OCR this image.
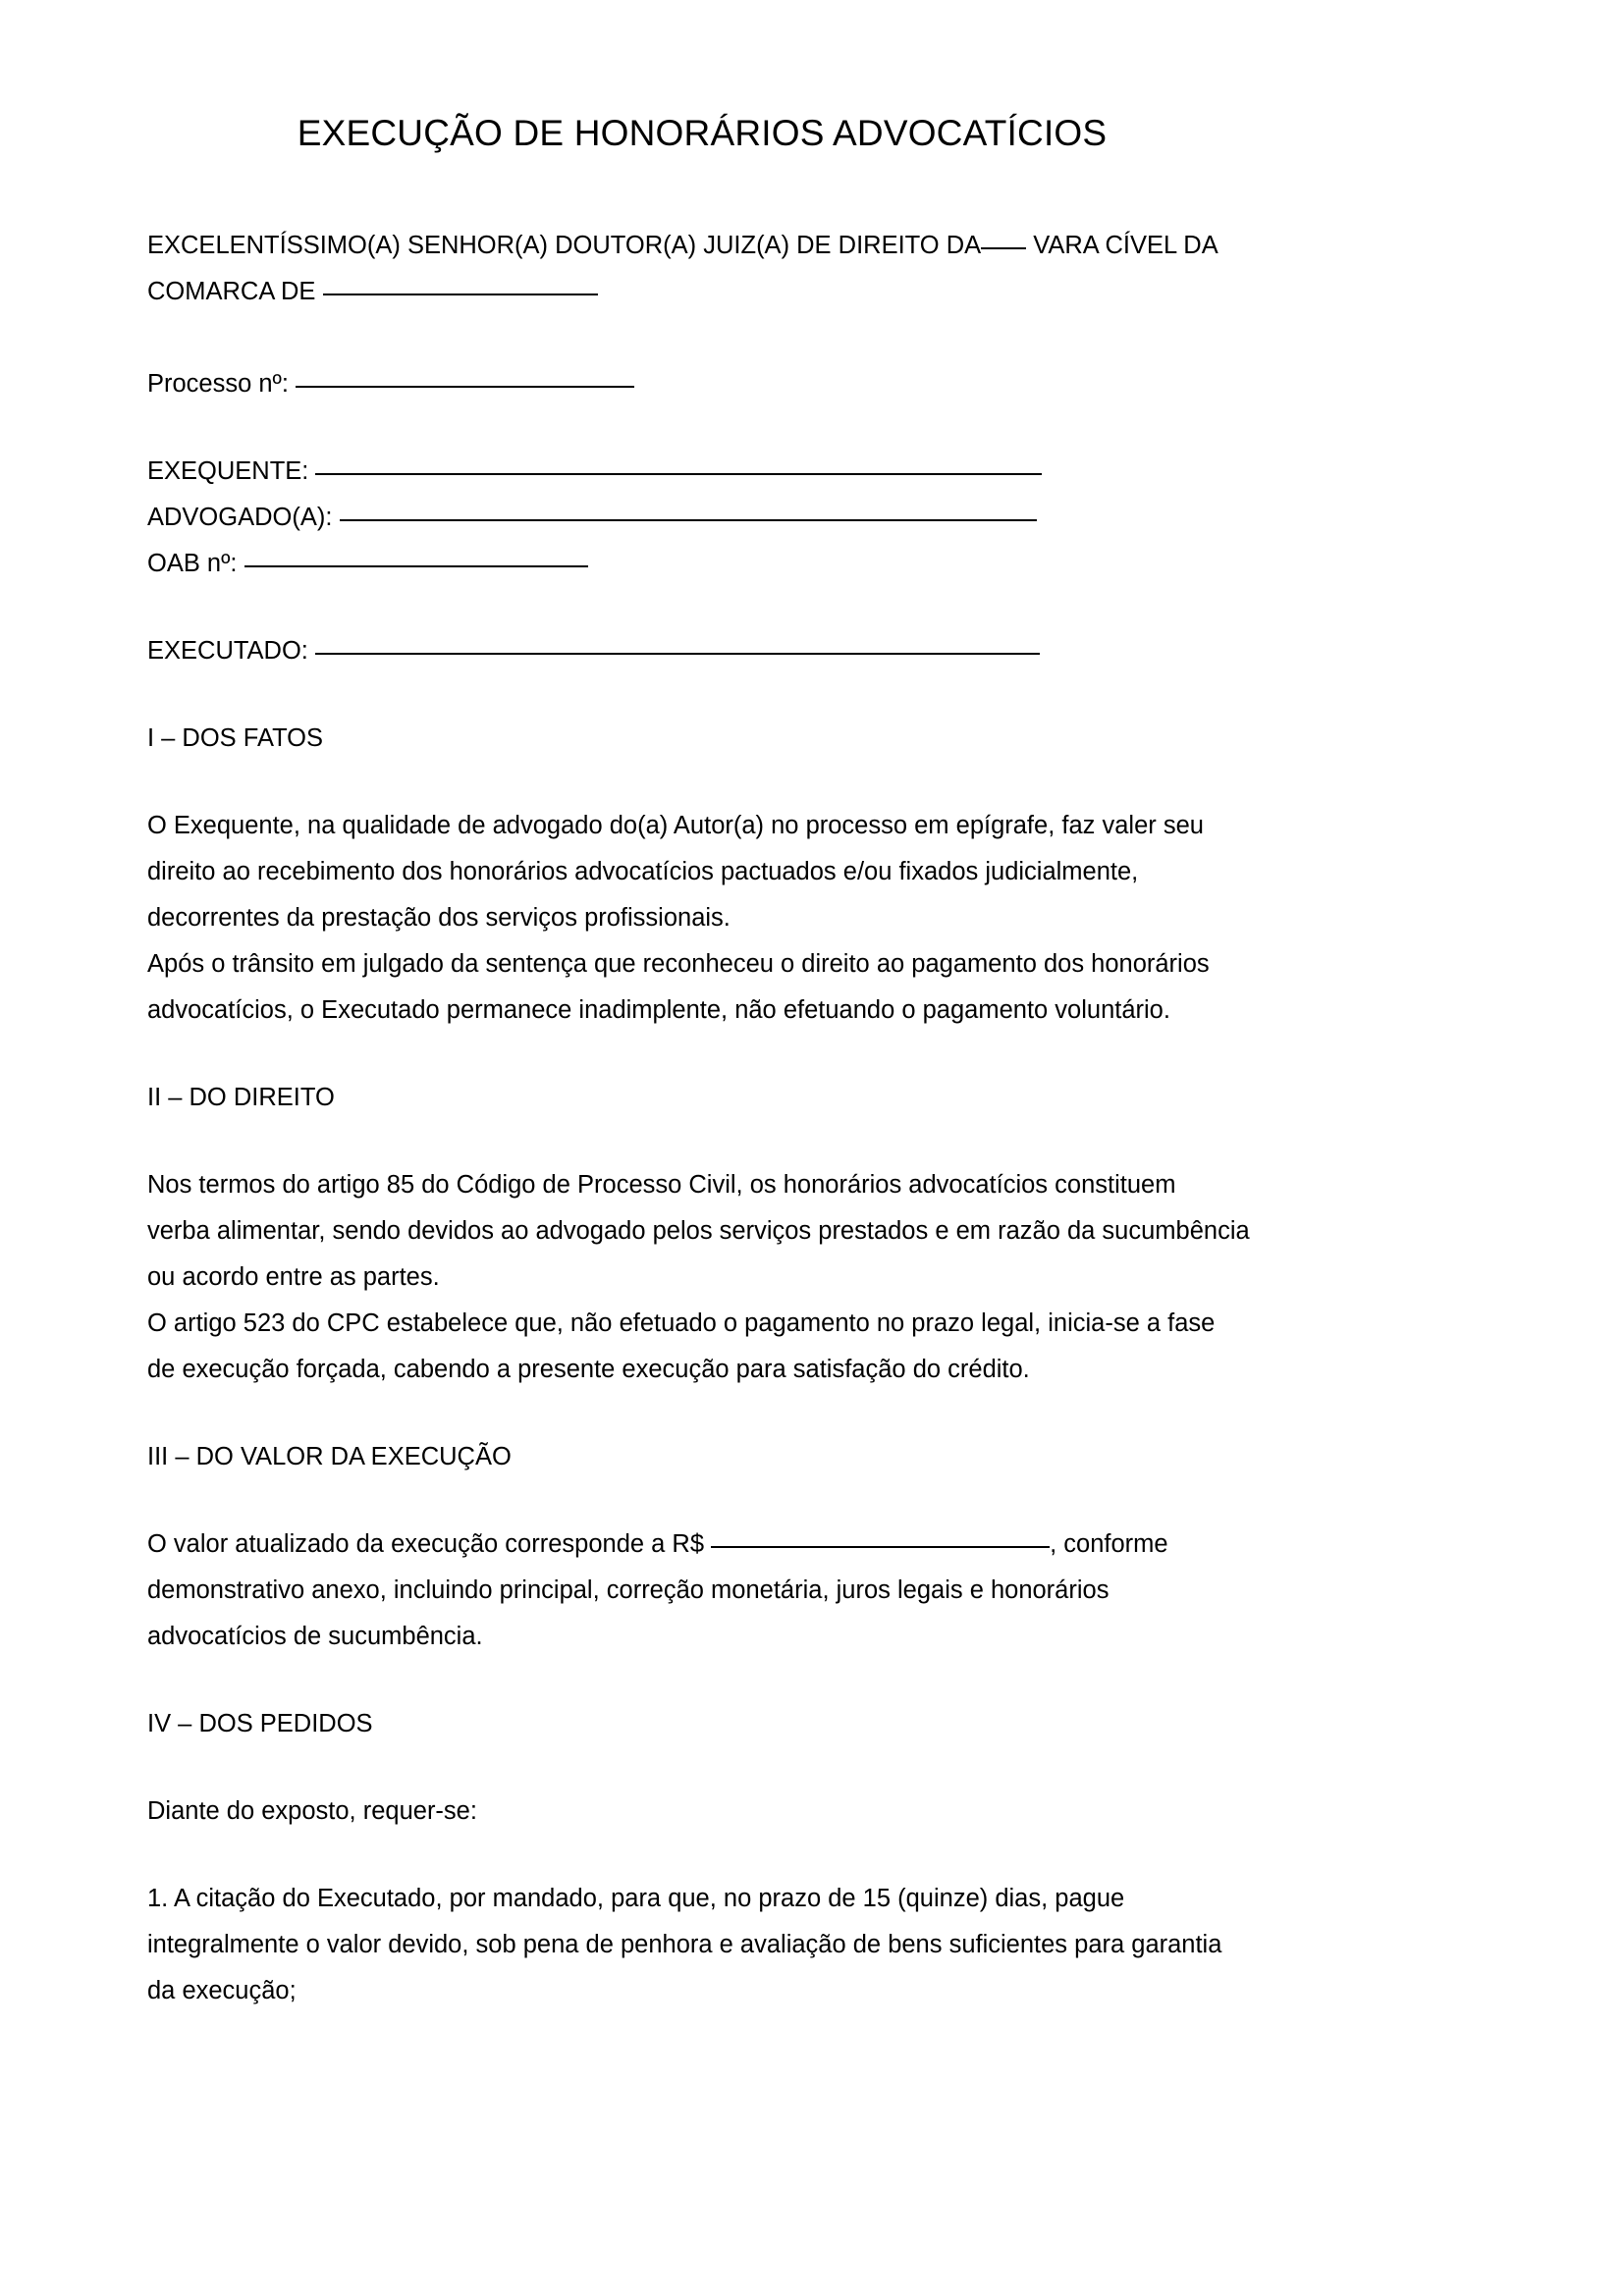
EXECUÇÃO DE HONORÁRIOS ADVOCATÍCIOS
EXCELENTÍSSIMO(A) SENHOR(A) DOUTOR(A) JUIZ(A) DE DIREITO DA VARA CÍVEL DA COMARCA DE
Processo nº:
EXEQUENTE:
ADVOGADO(A):
OAB nº:
EXECUTADO:
I – DOS FATOS
O Exequente, na qualidade de advogado do(a) Autor(a) no processo em epígrafe, faz valer seu
direito ao recebimento dos honorários advocatícios pactuados e/ou fixados judicialmente,
decorrentes da prestação dos serviços profissionais.
Após o trânsito em julgado da sentença que reconheceu o direito ao pagamento dos honorários
advocatícios, o Executado permanece inadimplente, não efetuando o pagamento voluntário.
II – DO DIREITO
Nos termos do artigo 85 do Código de Processo Civil, os honorários advocatícios constituem
verba alimentar, sendo devidos ao advogado pelos serviços prestados e em razão da sucumbência
ou acordo entre as partes.
O artigo 523 do CPC estabelece que, não efetuado o pagamento no prazo legal, inicia-se a fase
de execução forçada, cabendo a presente execução para satisfação do crédito.
III – DO VALOR DA EXECUÇÃO
O valor atualizado da execução corresponde a R$	, conforme
demonstrativo anexo, incluindo principal, correção monetária, juros legais e honorários
advocatícios de sucumbência.
IV – DOS PEDIDOS
Diante do exposto, requer-se:
1. A citação do Executado, por mandado, para que, no prazo de 15 (quinze) dias, pague
integralmente o valor devido, sob pena de penhora e avaliação de bens suficientes para garantia
da execução;
